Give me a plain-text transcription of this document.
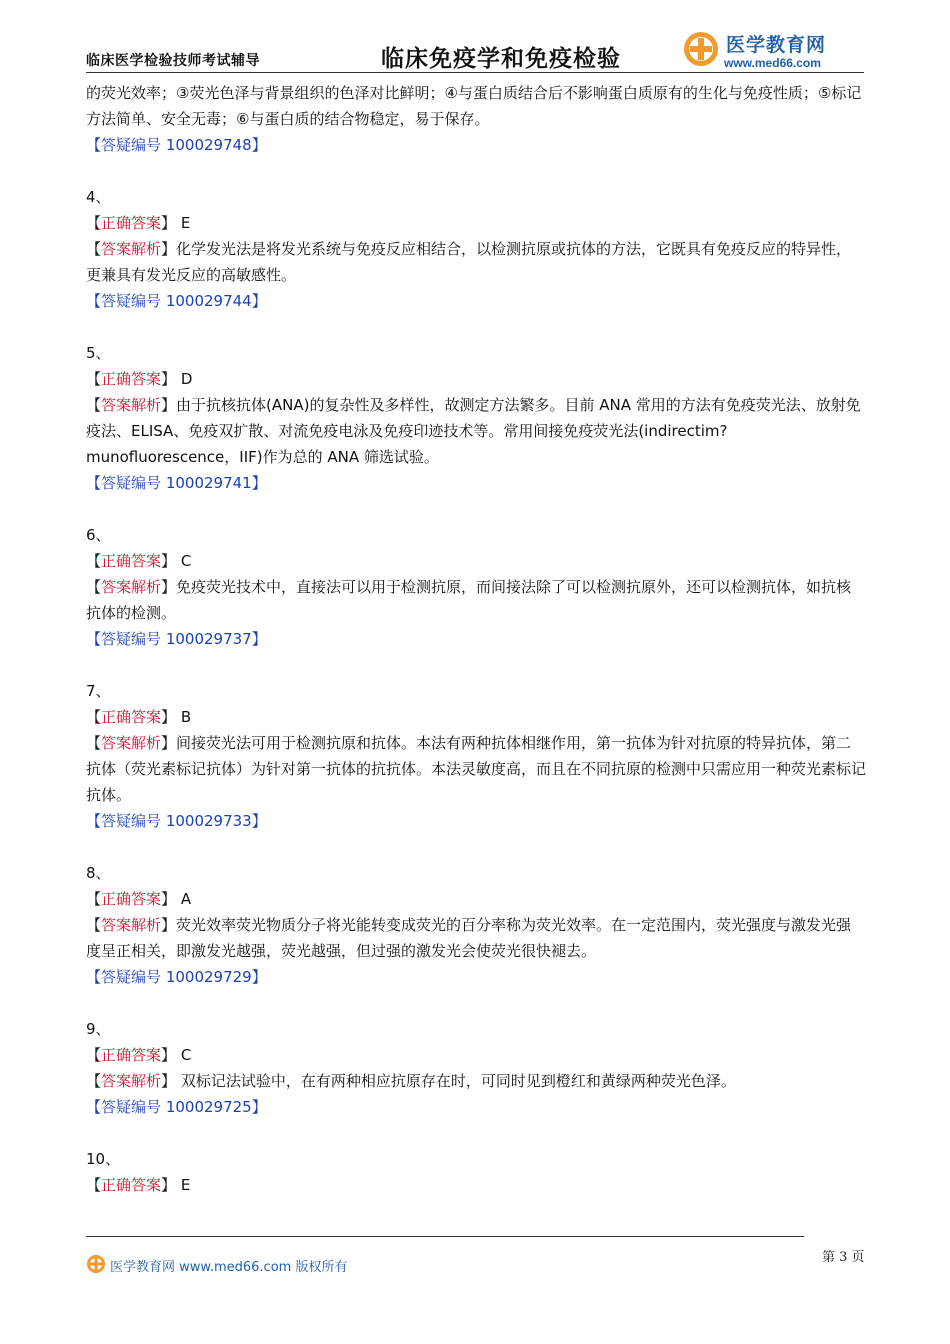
临床医学检验技师考试辅导	临床免疫学和免疫检验
医学教育网
www.med66.com

的荧光效率；③荧光色泽与背景组织的色泽对比鲜明；④与蛋白质结合后不影响蛋白质原有的生化与免疫性质；⑤标记方法简单、安全无毒；⑥与蛋白质的结合物稳定，易于保存。

【答疑编号 100029748】

4、

【正确答案】 E

【答案解析】化学发光法是将发光系统与免疫反应相结合，以检测抗原或抗体的方法，它既具有免疫反应的特异性，更兼具有发光反应的高敏感性。

【答疑编号 100029744】

5、

【正确答案】 D

【答案解析】由于抗核抗体(ANA)的复杂性及多样性，故测定方法繁多。目前 ANA 常用的方法有免疫荧光法、放射免疫法、ELISA、免疫双扩散、对流免疫电泳及免疫印迹技术等。常用间接免疫荧光法(indirectim? munofluorescence，IIF)作为总的 ANA 筛选试验。

【答疑编号 100029741】

6、

【正确答案】 C

【答案解析】免疫荧光技术中，直接法可以用于检测抗原，而间接法除了可以检测抗原外，还可以检测抗体，如抗核抗体的检测。

【答疑编号 100029737】

7、

【正确答案】 B

【答案解析】间接荧光法可用于检测抗原和抗体。本法有两种抗体相继作用，第一抗体为针对抗原的特异抗体，第二抗体（荧光素标记抗体）为针对第一抗体的抗抗体。本法灵敏度高，而且在不同抗原的检测中只需应用一种荧光素标记抗体。

【答疑编号 100029733】

8、

【正确答案】 A

【答案解析】荧光效率荧光物质分子将光能转变成荧光的百分率称为荧光效率。在一定范围内，荧光强度与激发光强度呈正相关，即激发光越强，荧光越强，但过强的激发光会使荧光很快褪去。

【答疑编号 100029729】

9、

【正确答案】 C

【答案解析】 双标记法试验中，在有两种相应抗原存在时，可同时见到橙红和黄绿两种荧光色泽。

【答疑编号 100029725】

10、

【正确答案】 E

第 3 页
医学教育网 www.med66.com 版权所有
